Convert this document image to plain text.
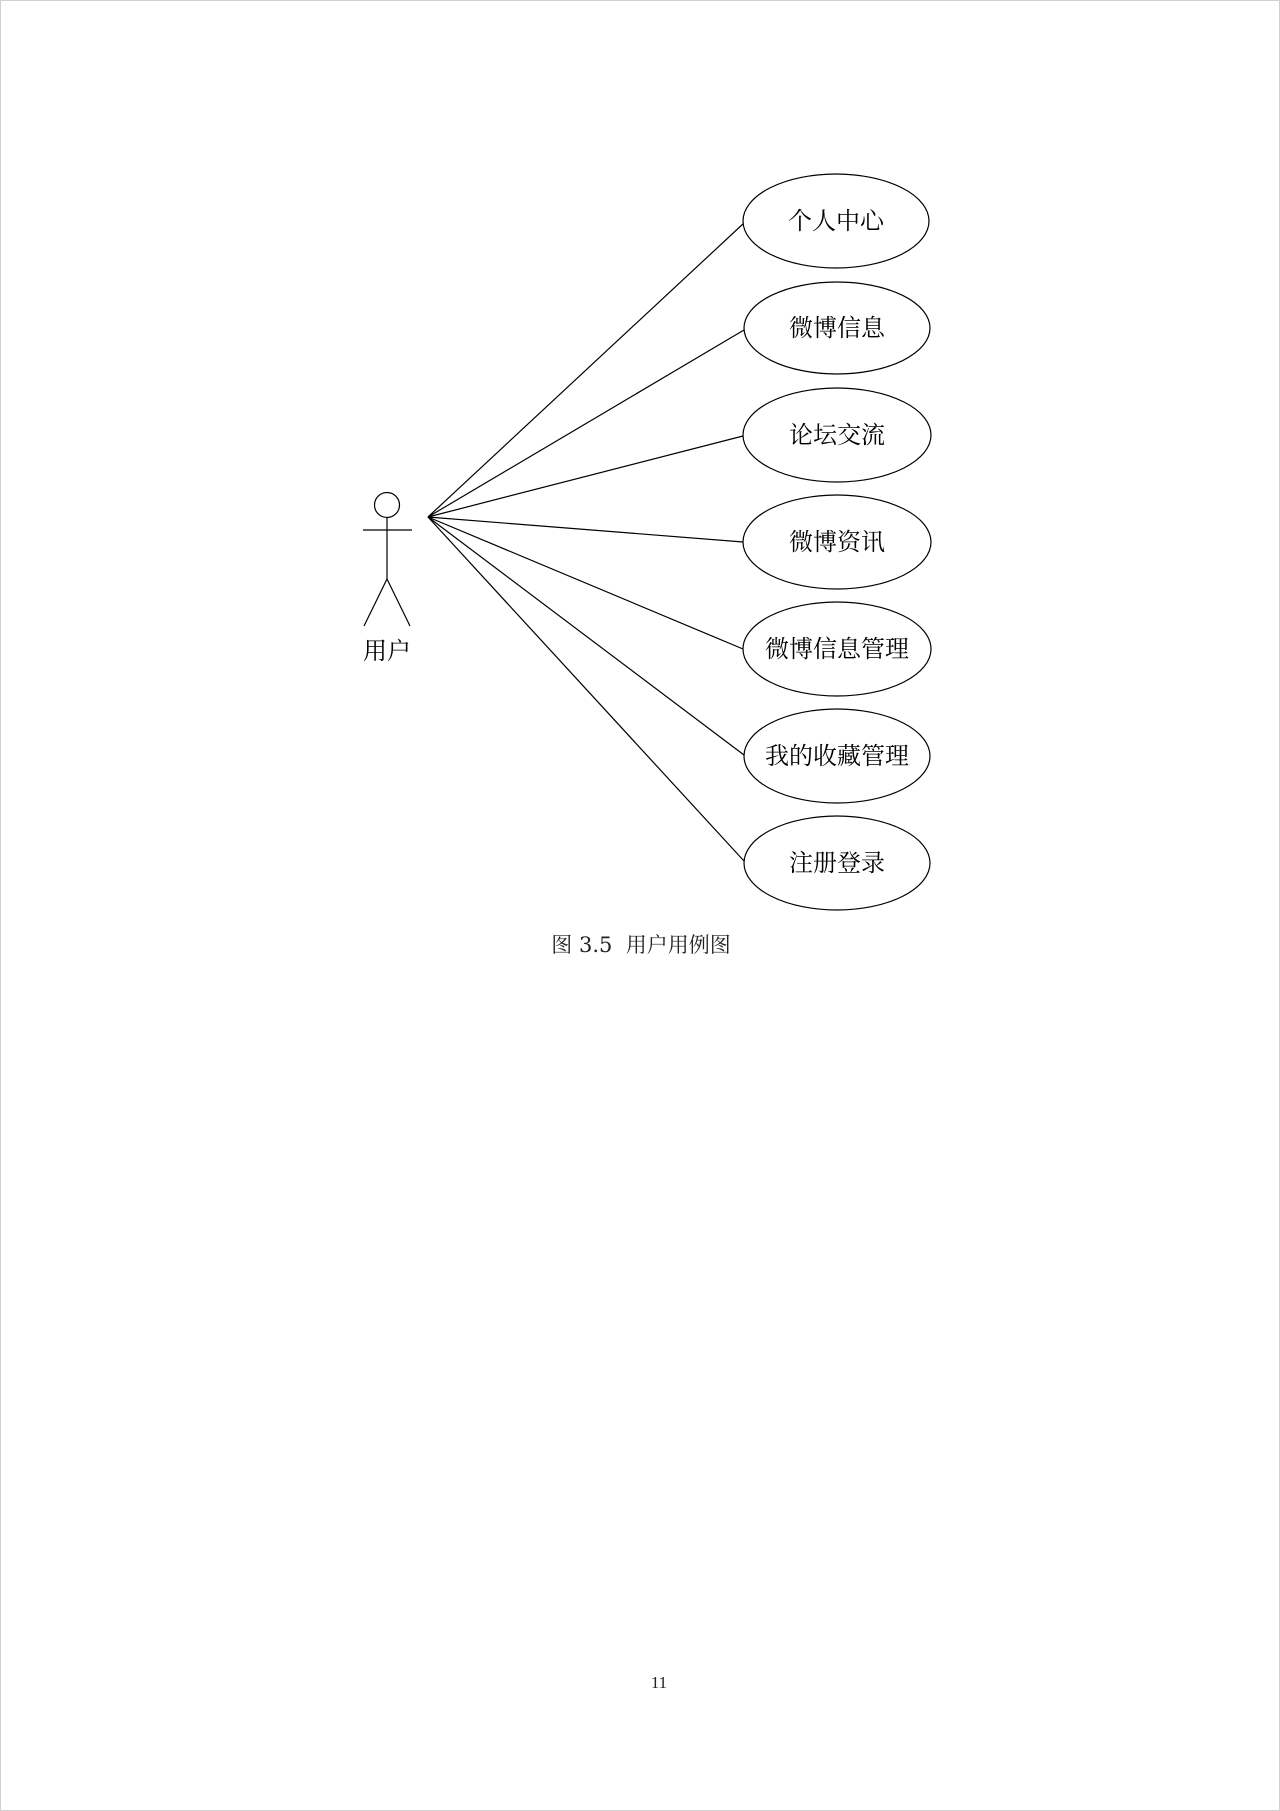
用户
个人中心
微博信息
论坛交流
微博资讯
微博信息管理
我的收藏管理
注册登录
图 3.5  用户用例图
11
